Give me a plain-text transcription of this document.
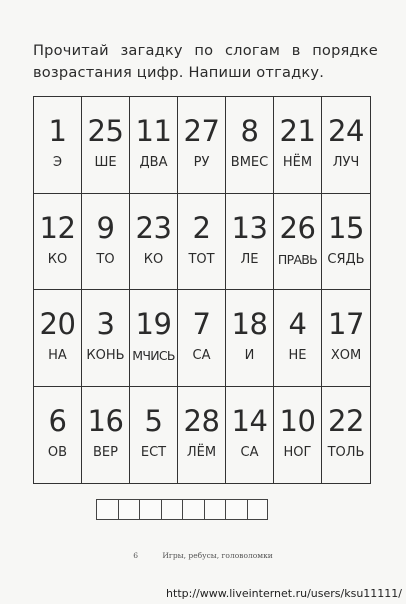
Прочитай загадку по слогам в порядке возрастания цифр. Напиши отгадку.
1
Э
25
ШЕ
11
ДВА
27
РУ
8
ВМЕС
21
НЁМ
24
ЛУЧ
12
КО
9
ТО
23
КО
2
ТОТ
13
ЛЕ
26
ПРАВЬ
15
СЯДЬ
20
НА
3
КОНЬ
19
МЧИСЬ
7
СА
18
И
4
НЕ
17
ХОМ
6
ОВ
16
ВЕР
5
ЕСТ
28
ЛЁМ
14
СА
10
НОГ
22
ТОЛЬ
6	Игры, ребусы, головоломки
http://www.liveinternet.ru/users/ksu11111/
